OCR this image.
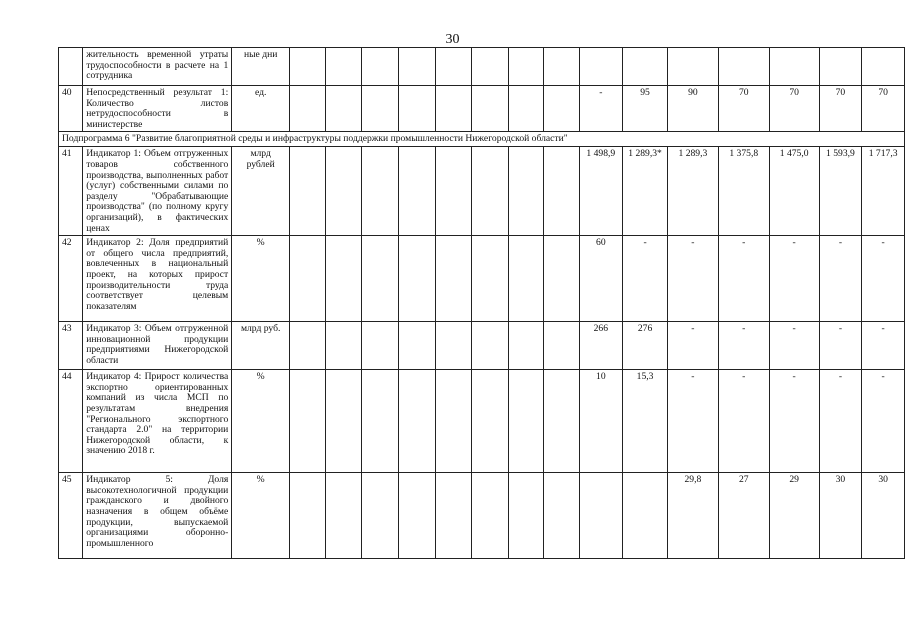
30
	жительность временной утраты трудоспособности в расчете на 1 сотрудника	ные дни															
40	Непосредственный результат 1: Количество листов нетрудоспособности в министерстве	ед.									-	95	90	70	70	70	70
Подпрограмма 6 "Развитие благоприятной среды и инфраструктуры поддержки промышленности Нижегородской области"																	
41	Индикатор 1: Объем отгруженных товаров собственного производства, выполненных работ (услуг) собственными силами по разделу "Обрабатывающие производства" (по полному кругу организаций), в фактических ценах	млрд рублей									1 498,9	1 289,3*	1 289,3	1 375,8	1 475,0	1 593,9	1 717,3
42	Индикатор 2: Доля предприятий от общего числа предприятий, вовлеченных в национальный проект, на которых прирост производительности труда соответствует целевым показателям	%									60	-	-	-	-	-	-
43	Индикатор 3: Объем отгруженной инновационной продукции предприятиями Нижегородской области	млрд руб.									266	276	-	-	-	-	-
44	Индикатор 4: Прирост количества экспортно ориентированных компаний из числа МСП по результатам внедрения "Регионального экспортного стандарта 2.0" на территории Нижегородской области, к значению 2018 г.	%									10	15,3	-	-	-	-	-
45	Индикатор 5: Доля высокотехнологичной продукции гражданского и двойного назначения в общем объёме продукции, выпускаемой организациями оборонно-промышленного	%											29,8	27	29	30	30
